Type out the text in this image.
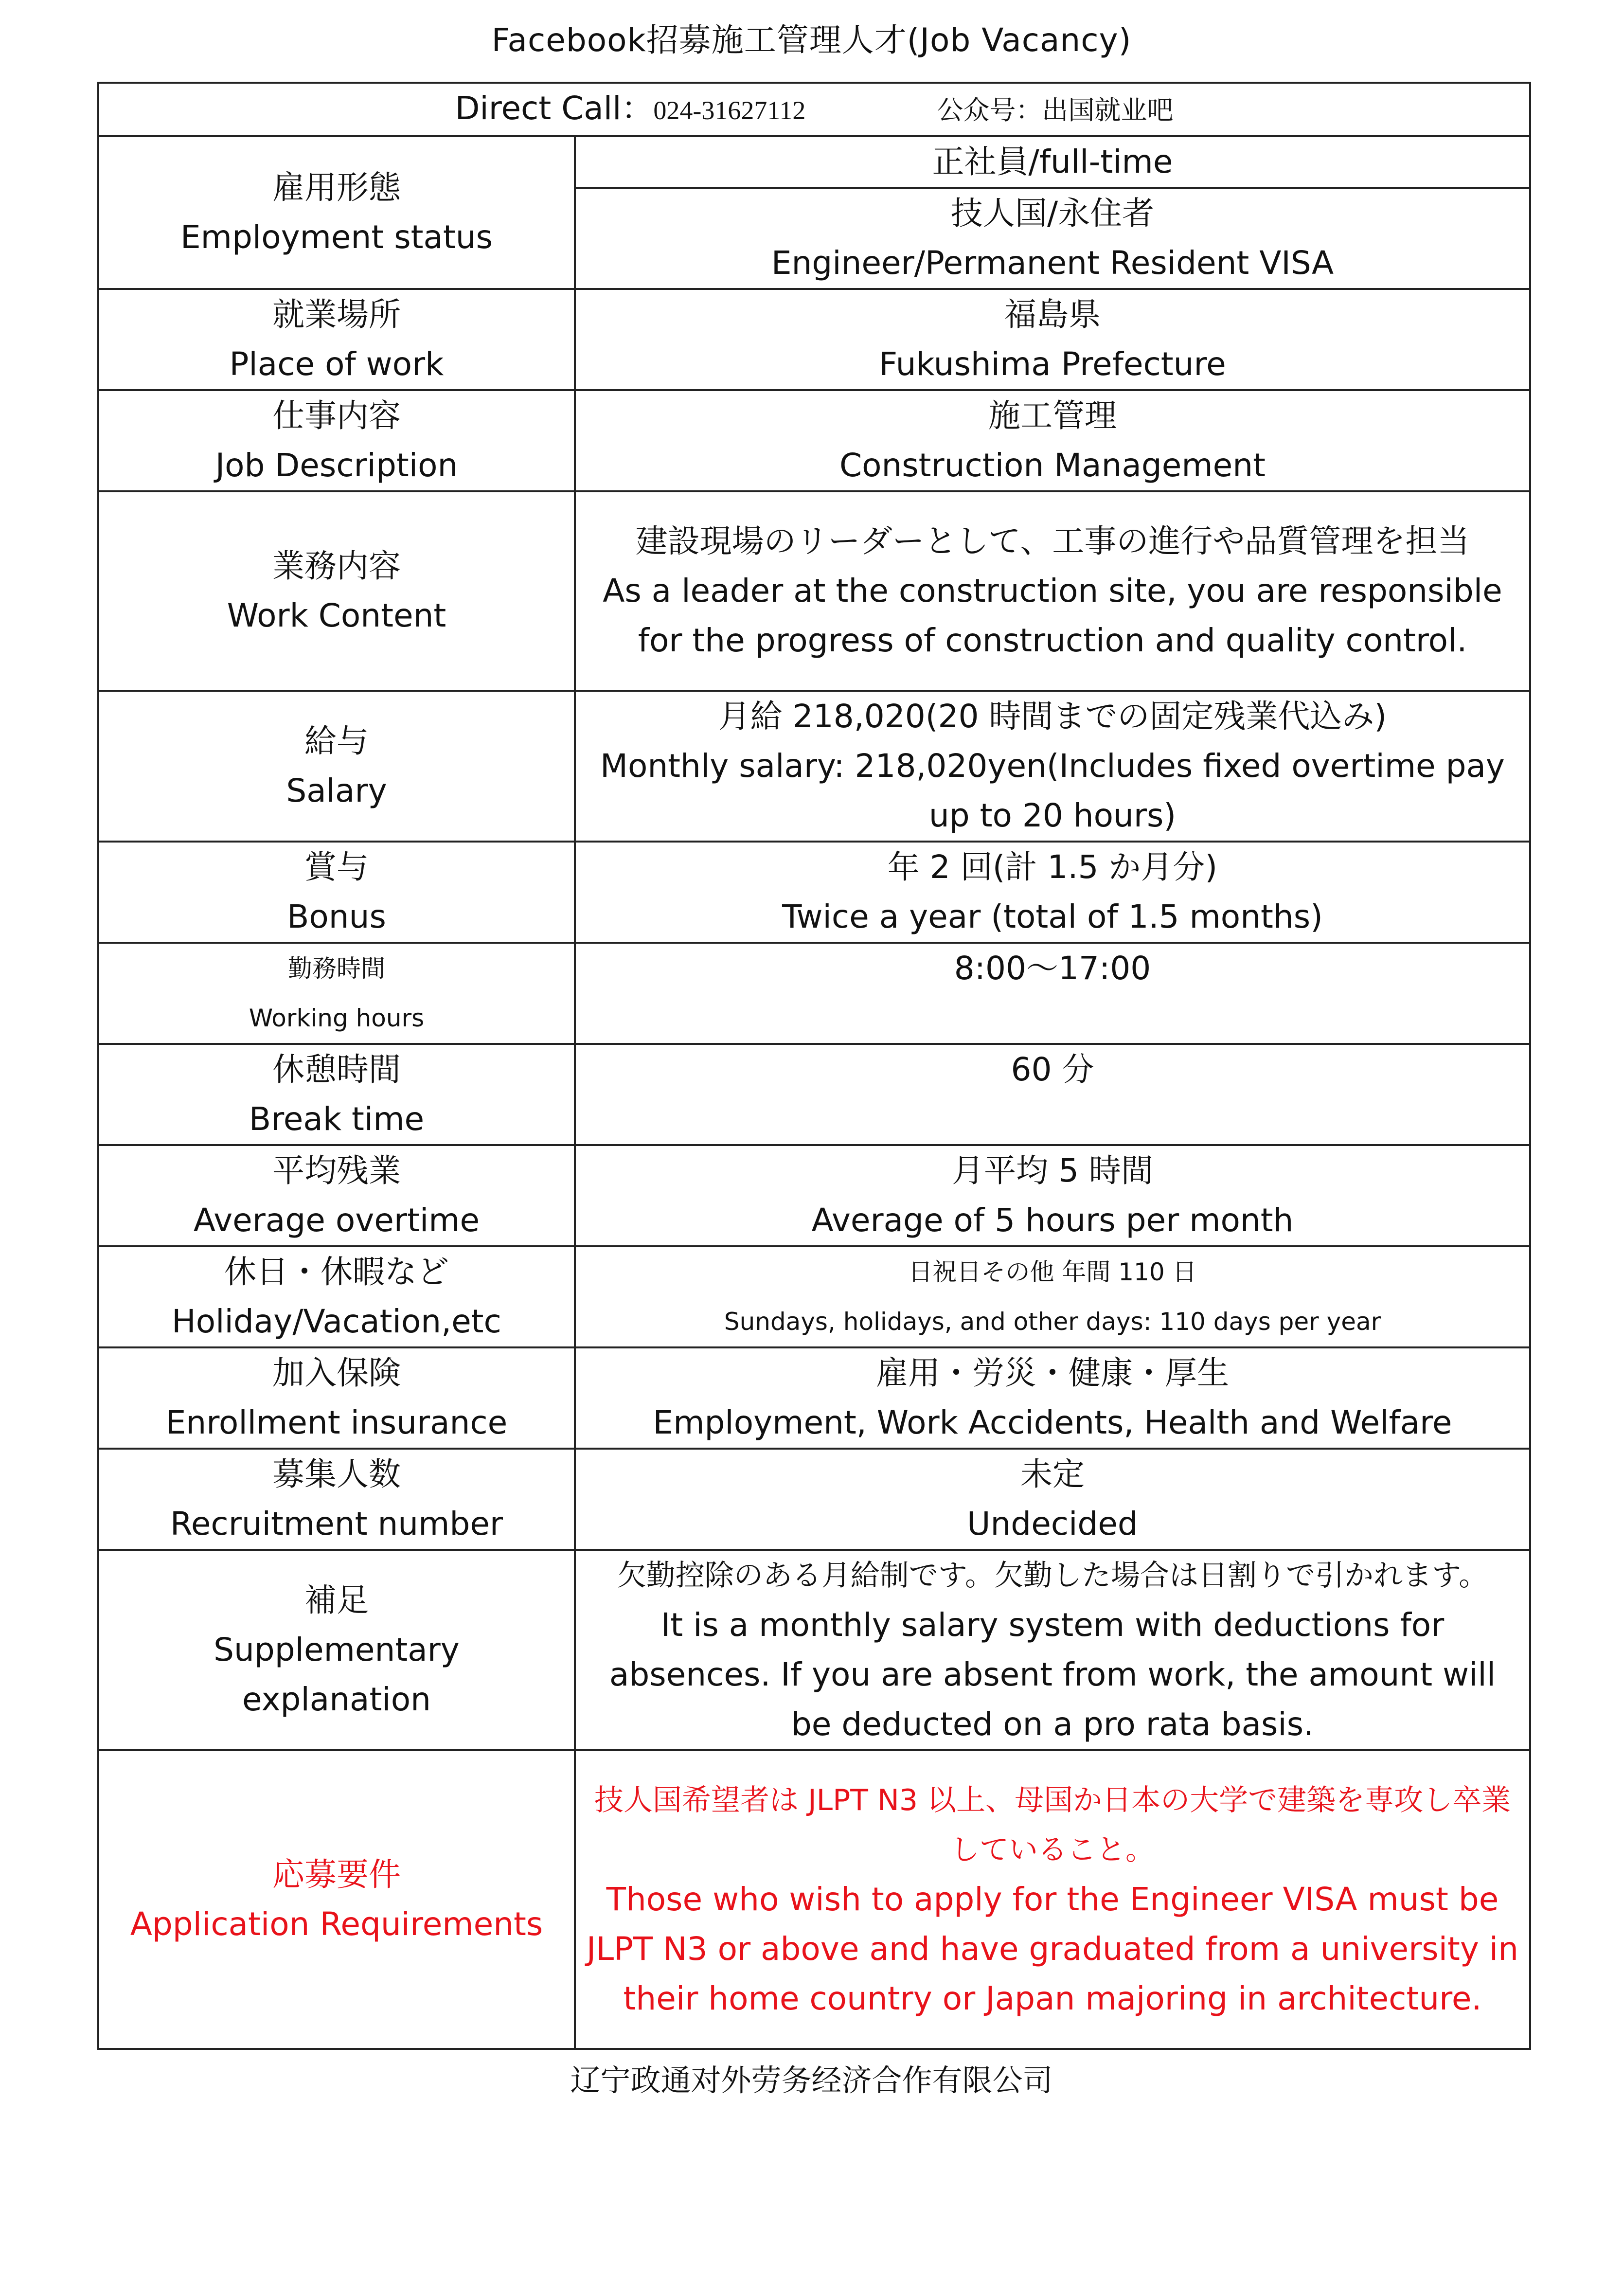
Facebook招募施工管理人才(Job Vacancy)
Direct Call：024-31627112 公众号：出国就业吧	

雇用形態
Employment status	正社員/full-time

	技人国/永住者
Engineer/Permanent Resident VISA

就業場所
Place of work	福島県
Fukushima Prefecture

仕事内容
Job Description	施工管理
Construction Management

業務内容
Work Content	建設現場のリーダーとして、工事の進行や品質管理を担当
As a leader at the construction site, you are responsible for the progress of construction and quality control.

給与
Salary	月給 218,020(20 時間までの固定残業代込み)
Monthly salary: 218,020yen(Includes fixed overtime pay up to 20 hours)

賞与
Bonus	年 2 回(計 1.5 か月分)
Twice a year (total of 1.5 months)

勤務時間
Working hours	8:00～17:00

休憩時間
Break time	60 分

平均残業
Average overtime	月平均 5 時間
Average of 5 hours per month

休日・休暇など
Holiday/Vacation,etc	日祝日その他 年間 110 日
Sundays, holidays, and other days: 110 days per year

加入保険
Enrollment insurance	雇用・労災・健康・厚生
Employment, Work Accidents, Health and Welfare

募集人数
Recruitment number	未定
Undecided

補足
Supplementary explanation	欠勤控除のある月給制です。欠勤した場合は日割りで引かれます。
It is a monthly salary system with deductions for absences. If you are absent from work, the amount will be deducted on a pro rata basis.

応募要件
Application Requirements	技人国希望者は JLPT N3 以上、母国か日本の大学で建築を専攻し卒業していること。
Those who wish to apply for the Engineer VISA must be JLPT N3 or above and have graduated from a university in their home country or Japan majoring in architecture.
辽宁政通对外劳务经济合作有限公司
